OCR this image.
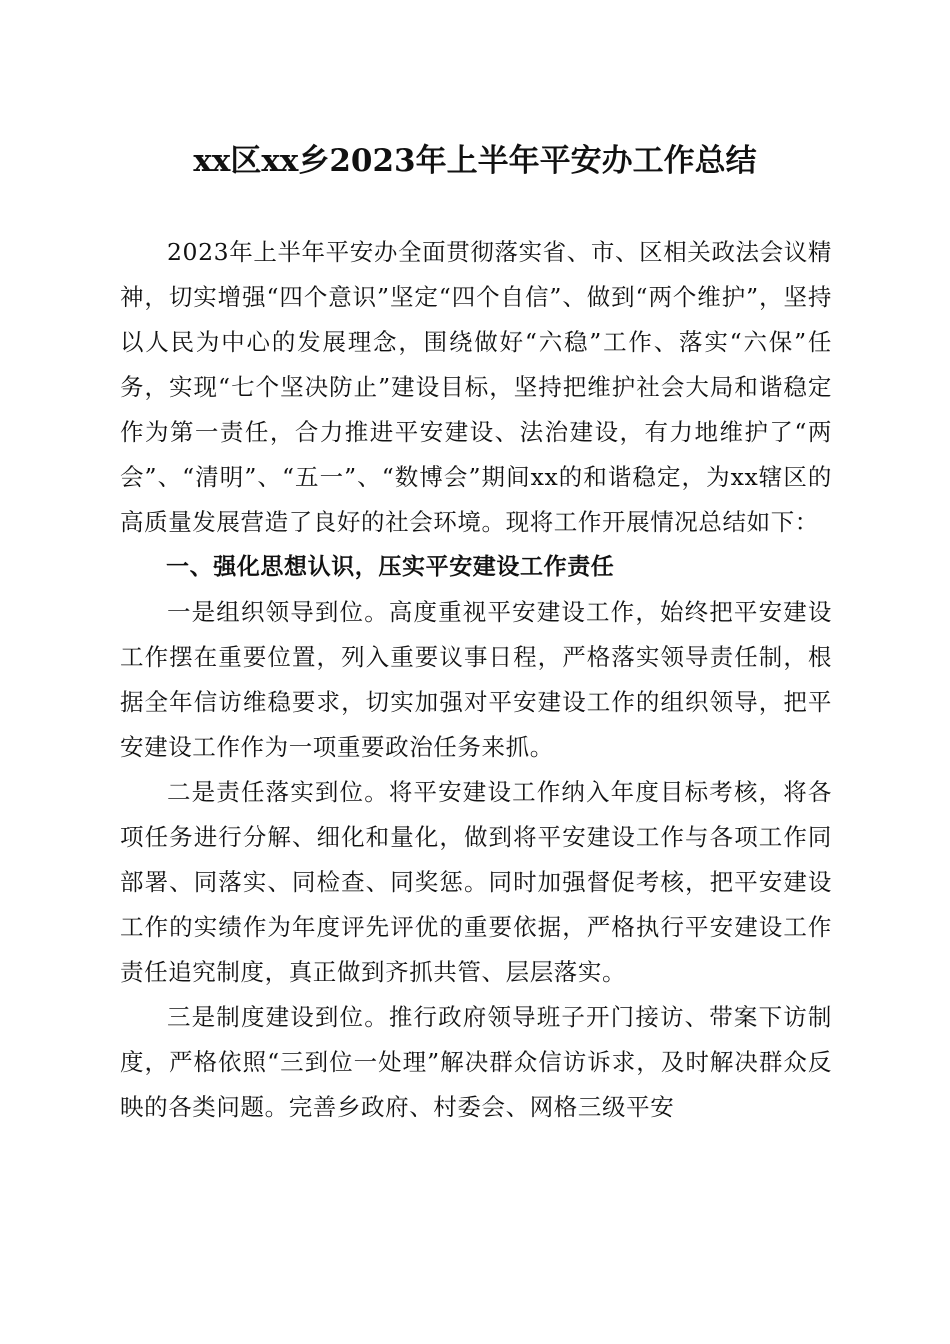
xx区xx乡2023年上半年平安办工作总结

2023年上半年平安办全面贯彻落实省、市、区相关政法会议精神，切实增强“四个意识”坚定“四个自信”、做到“两个维护”，坚持以人民为中心的发展理念，围绕做好“六稳”工作、落实“六保”任务，实现“七个坚决防止”建设目标，坚持把维护社会大局和谐稳定作为第一责任，合力推进平安建设、法治建设，有力地维护了“两会”、“清明”、“五一”、“数博会”期间xx的和谐稳定，为xx辖区的高质量发展营造了良好的社会环境。现将工作开展情况总结如下：

一、强化思想认识，压实平安建设工作责任

一是组织领导到位。高度重视平安建设工作，始终把平安建设工作摆在重要位置，列入重要议事日程，严格落实领导责任制，根据全年信访维稳要求，切实加强对平安建设工作的组织领导，把平安建设工作作为一项重要政治任务来抓。

二是责任落实到位。将平安建设工作纳入年度目标考核，将各项任务进行分解、细化和量化，做到将平安建设工作与各项工作同部署、同落实、同检查、同奖惩。同时加强督促考核，把平安建设工作的实绩作为年度评先评优的重要依据，严格执行平安建设工作责任追究制度，真正做到齐抓共管、层层落实。

三是制度建设到位。推行政府领导班子开门接访、带案下访制度，严格依照“三到位一处理”解决群众信访诉求，及时解决群众反映的各类问题。完善乡政府、村委会、网格三级平安
